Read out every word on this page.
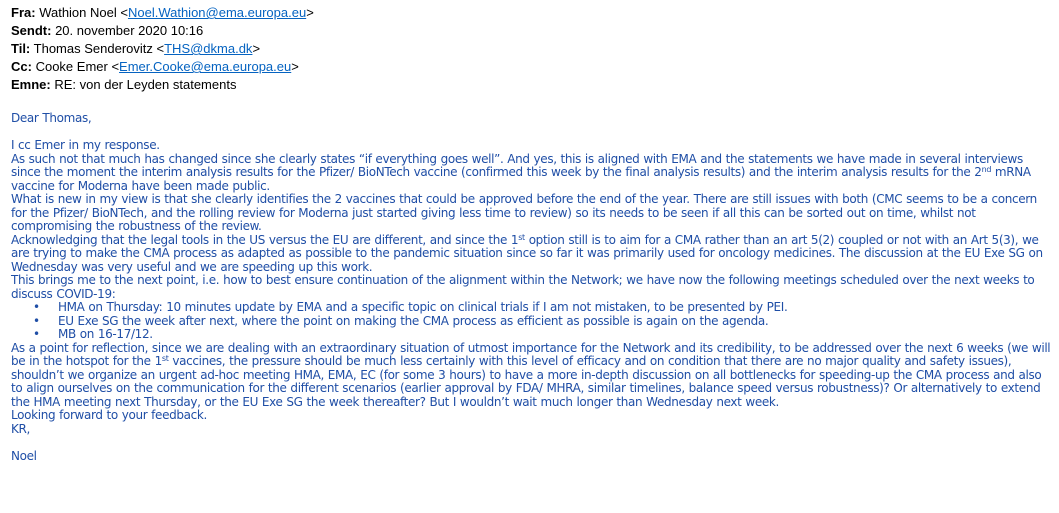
Fra: Wathion Noel <Noel.Wathion@ema.europa.eu>
Sendt: 20. november 2020 10:16
Til: Thomas Senderovitz <THS@dkma.dk>
Cc: Cooke Emer <Emer.Cooke@ema.europa.eu>
Emne: RE: von der Leyden statements

Dear Thomas,

I cc Emer in my response.

As such not that much has changed since she clearly states “if everything goes well”. And yes, this is aligned with EMA and the statements we have made in several interviews since the moment the interim analysis results for the Pfizer/ BioNTech vaccine (confirmed this week by the final analysis results) and the interim analysis results for the 2nd mRNA vaccine for Moderna have been made public.

What is new in my view is that she clearly identifies the 2 vaccines that could be approved before the end of the year. There are still issues with both (CMC seems to be a concern for the Pfizer/ BioNTech, and the rolling review for Moderna just started giving less time to review) so its needs to be seen if all this can be sorted out on time, whilst not compromising the robustness of the review.

Acknowledging that the legal tools in the US versus the EU are different, and since the 1st option still is to aim for a CMA rather than an art 5(2) coupled or not with an Art 5(3), we are trying to make the CMA process as adapted as possible to the pandemic situation since so far it was primarily used for oncology medicines. The discussion at the EU Exe SG on Wednesday was very useful and we are speeding up this work.

This brings me to the next point, i.e. how to best ensure continuation of the alignment within the Network; we have now the following meetings scheduled over the next weeks to discuss COVID-19:

• HMA on Thursday: 10 minutes update by EMA and a specific topic on clinical trials if I am not mistaken, to be presented by PEI.
• EU Exe SG the week after next, where the point on making the CMA process as efficient as possible is again on the agenda.
• MB on 16-17/12.

As a point for reflection, since we are dealing with an extraordinary situation of utmost importance for the Network and its credibility, to be addressed over the next 6 weeks (we will be in the hotspot for the 1st vaccines, the pressure should be much less certainly with this level of efficacy and on condition that there are no major quality and safety issues), shouldn’t we organize an urgent ad-hoc meeting HMA, EMA, EC (for some 3 hours) to have a more in-depth discussion on all bottlenecks for speeding-up the CMA process and also to align ourselves on the communication for the different scenarios (earlier approval by FDA/ MHRA, similar timelines, balance speed versus robustness)? Or alternatively to extend the HMA meeting next Thursday, or the EU Exe SG the week thereafter? But I wouldn’t wait much longer than Wednesday next week.

Looking forward to your feedback.

KR,

Noel
